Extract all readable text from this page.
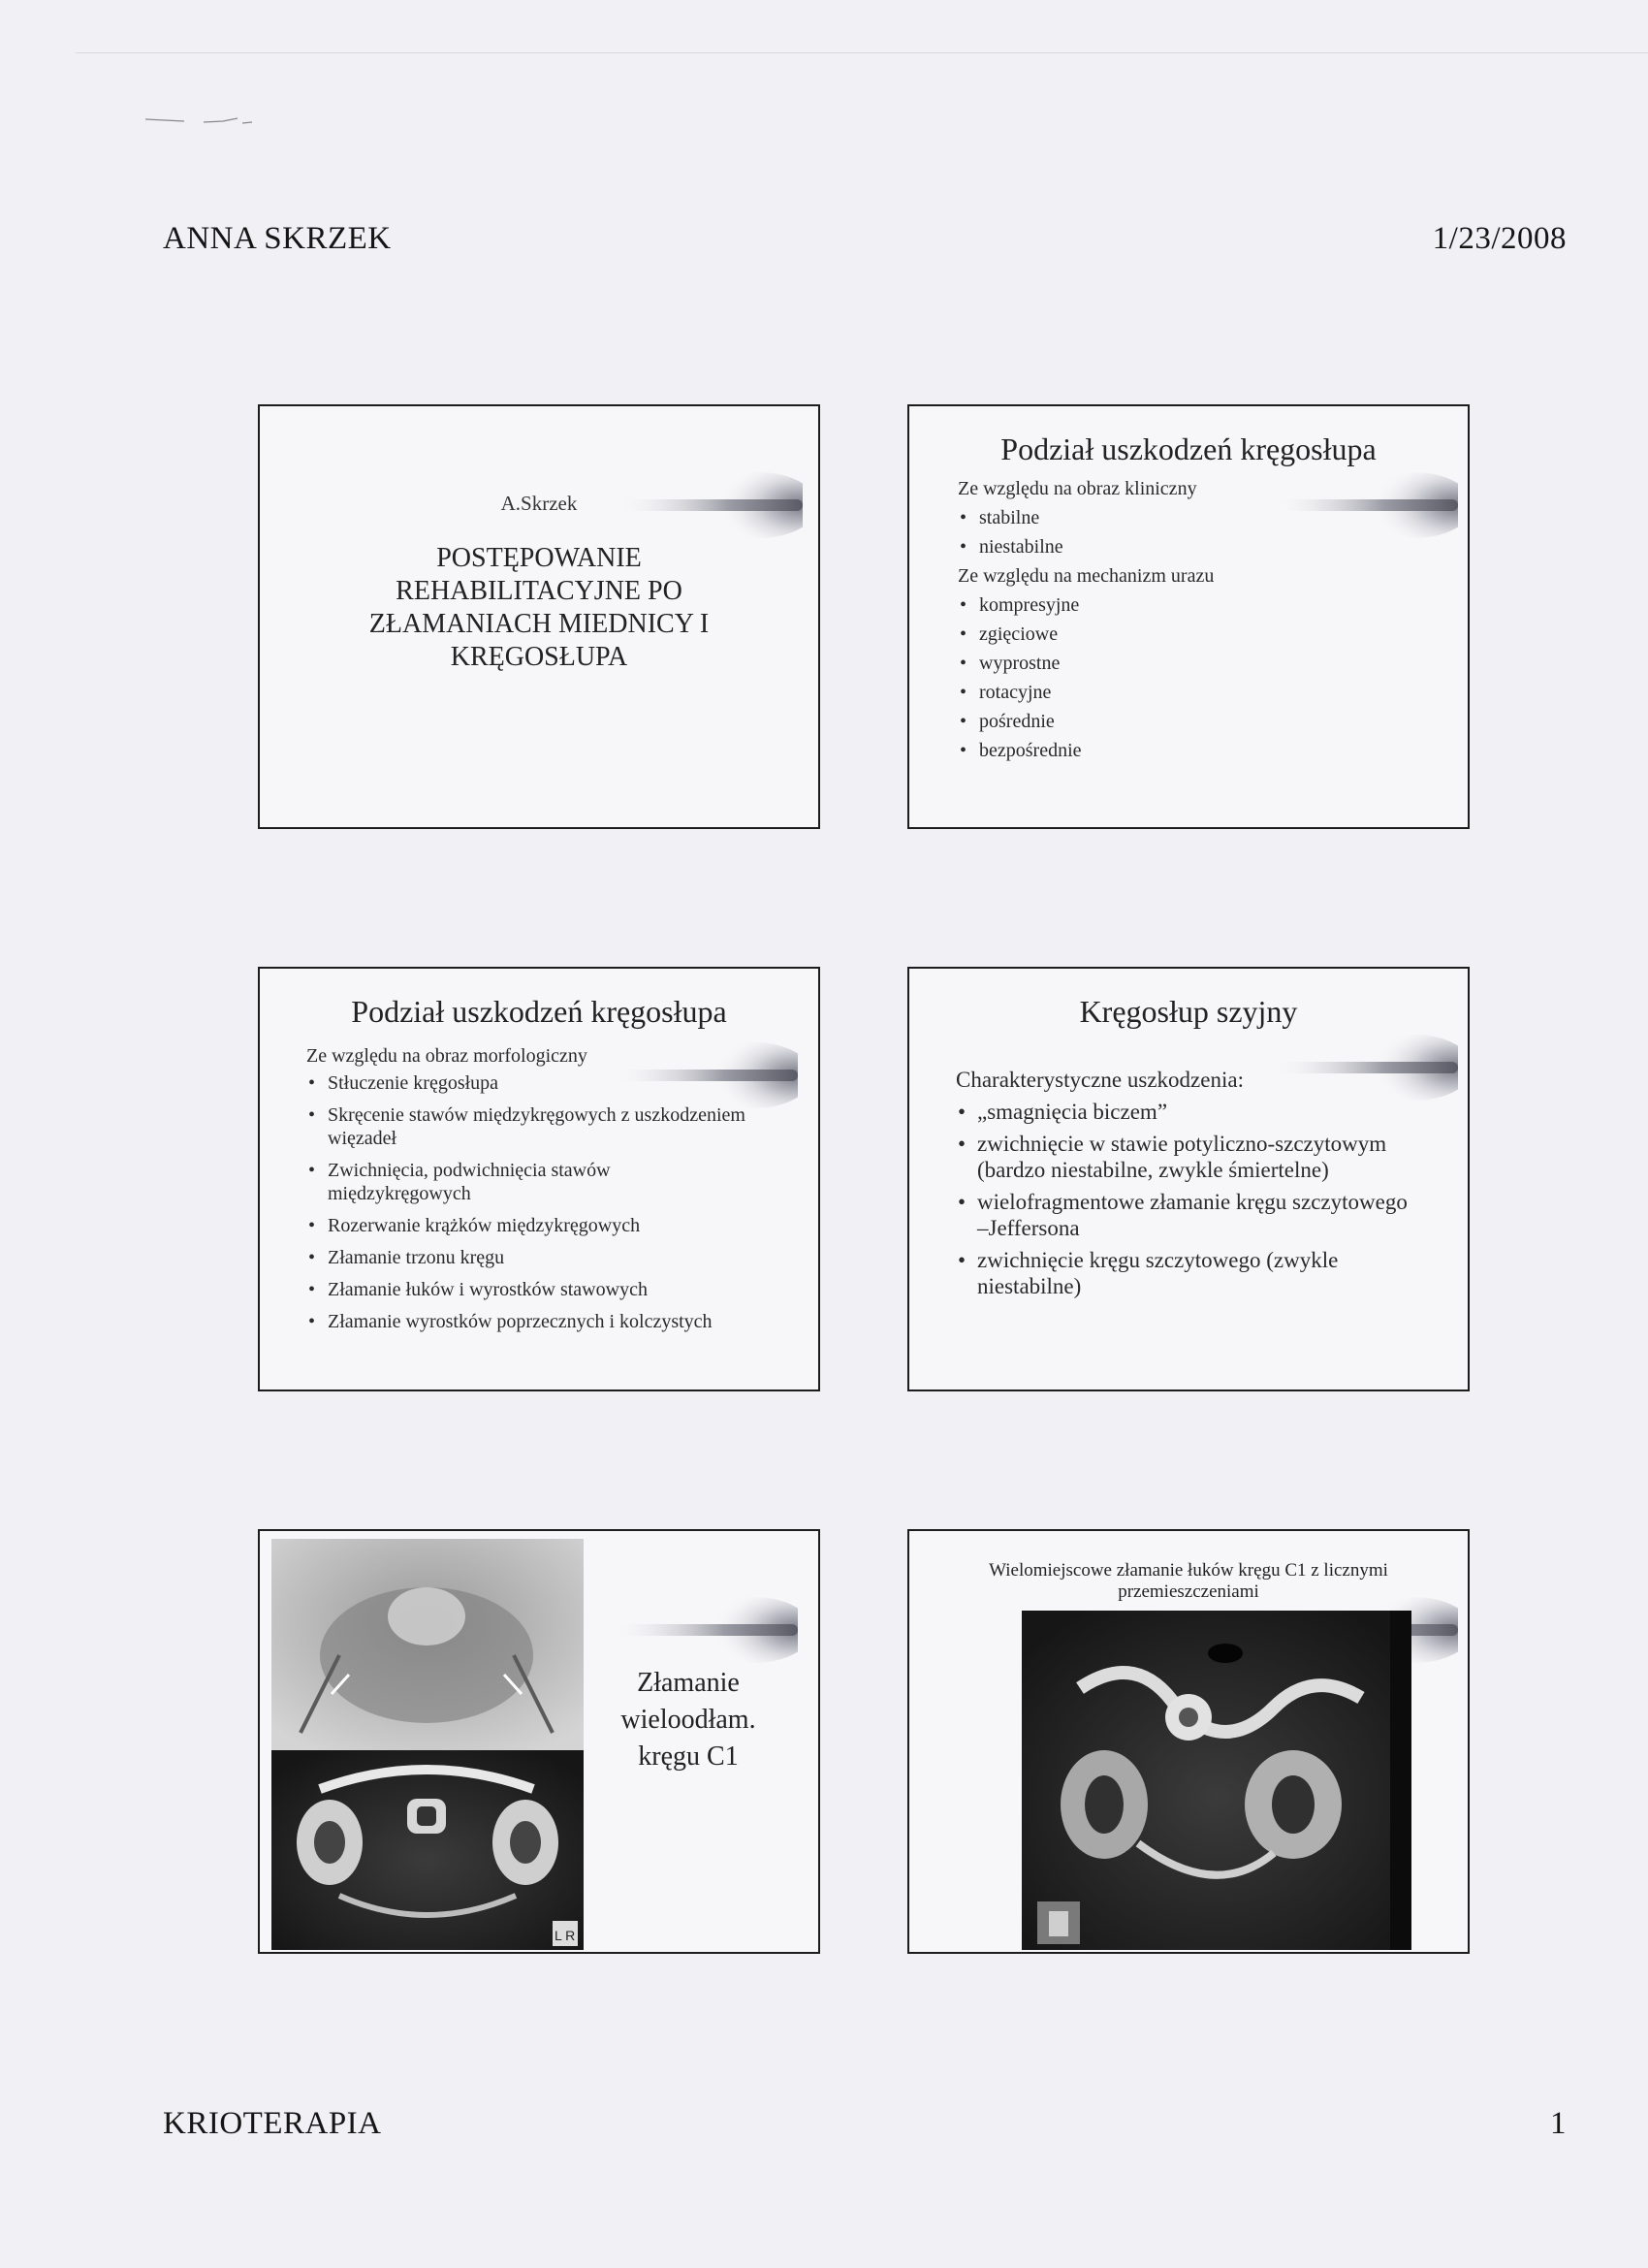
ANNA SKRZEK	1/23/2008
A.Skrzek
POSTĘPOWANIE REHABILITACYJNE PO ZŁAMANIACH MIEDNICY I KRĘGOSŁUPA
Podział uszkodzeń kręgosłupa
Ze względu na obraz kliniczny
• stabilne
• niestabilne
Ze względu na mechanizm urazu
• kompresyjne
• zgięciowe
• wyprostne
• rotacyjne
• pośrednie
• bezpośrednie
Podział uszkodzeń kręgosłupa
Ze względu na obraz morfologiczny
• Stłuczenie kręgosłupa
• Skręcenie stawów międzykręgowych z uszkodzeniem więzadeł
• Zwichnięcia, podwichnięcia stawów międzykręgowych
• Rozerwanie krążków międzykręgowych
• Złamanie trzonu kręgu
• Złamanie łuków i wyrostków stawowych
• Złamanie wyrostków poprzecznych i kolczystych
Kręgosłup szyjny
Charakterystyczne uszkodzenia:
• „smagnięcia biczem”
• zwichnięcie w stawie potyliczno-szczytowym (bardzo niestabilne, zwykle śmiertelne)
• wielofragmentowe złamanie kręgu szczytowego –Jeffersona
• zwichnięcie kręgu szczytowego (zwykle niestabilne)
L R
Złamanie wieloodłam. kręgu C1
Wielomiejscowe złamanie łuków kręgu C1 z licznymi przemieszczeniami
KRIOTERAPIA	1
